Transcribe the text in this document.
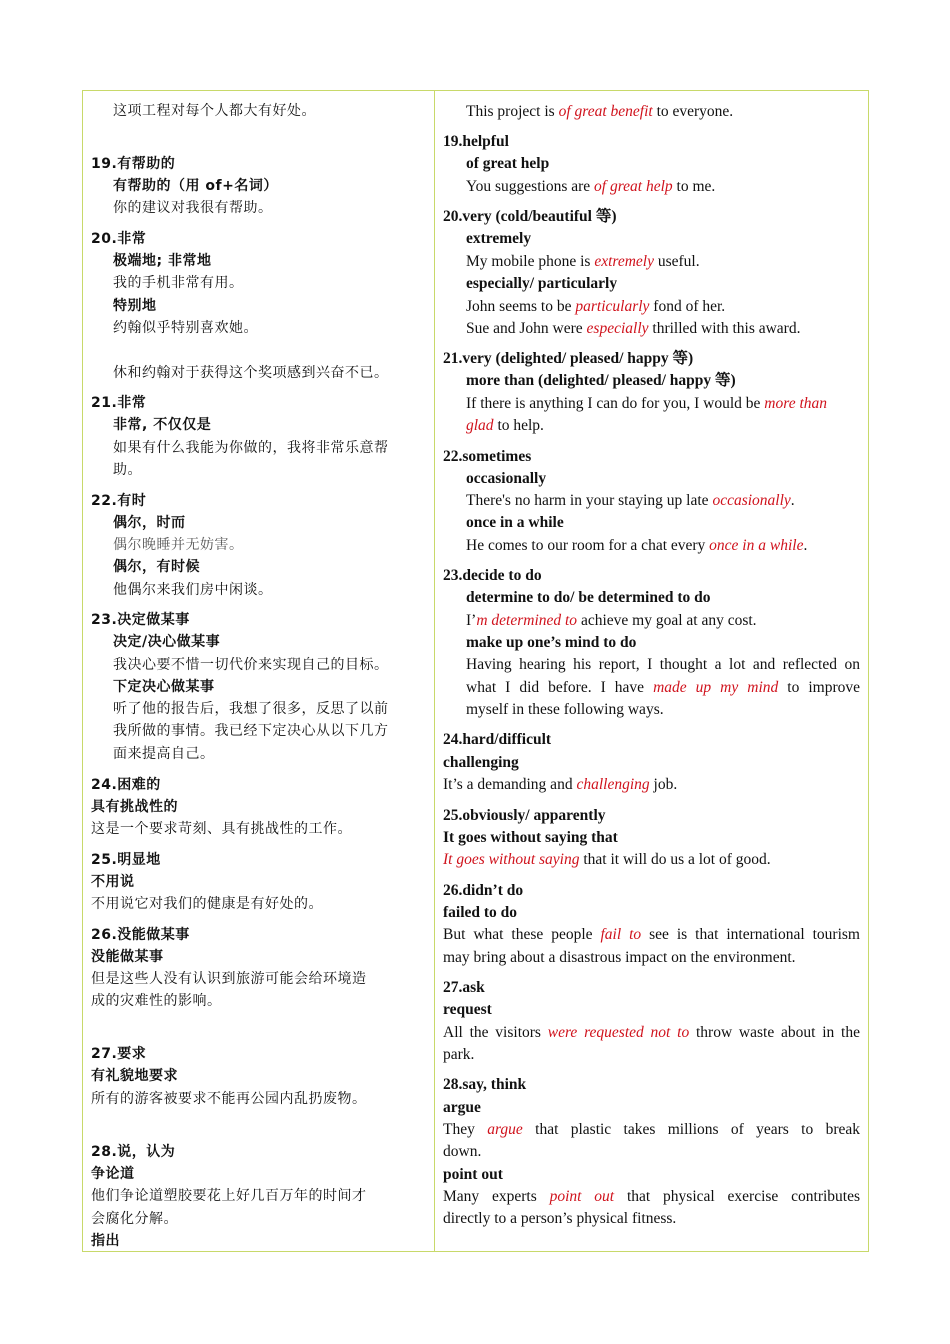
这项工程对每个人都大有好处。
19.有帮助的
有帮助的（用 of+名词）
你的建议对我很有帮助。
20.非常
极端地; 非常地
我的手机非常有用。
特别地
约翰似乎特别喜欢她。
休和约翰对于获得这个奖项感到兴奋不已。
21.非常
非常, 不仅仅是
如果有什么我能为你做的，我将非常乐意帮
助。
22.有时
偶尔，时而
偶尔晚睡并无妨害。
偶尔，有时候
他偶尔来我们房中闲谈。
23.决定做某事
决定/决心做某事
我决心要不惜一切代价来实现自己的目标。
下定决心做某事
听了他的报告后，我想了很多，反思了以前
我所做的事情。我已经下定决心从以下几方
面来提高自己。
24.困难的
具有挑战性的
这是一个要求苛刻、具有挑战性的工作。
25.明显地
不用说
不用说它对我们的健康是有好处的。
26.没能做某事
没能做某事
但是这些人没有认识到旅游可能会给环境造
成的灾难性的影响。
27.要求
有礼貌地要求
所有的游客被要求不能再公园内乱扔废物。
28.说，认为
争论道
他们争论道塑胶要花上好几百万年的时间才
会腐化分解。
指出
This project is of great benefit to everyone.
19.helpful
of great help
You suggestions are of great help to me.
20.very (cold/beautiful 等)
extremely
My mobile phone is extremely useful.
especially/ particularly
John seems to be particularly fond of her.
Sue and John were especially thrilled with this award.
21.very (delighted/ pleased/ happy 等)
more than (delighted/ pleased/ happy 等)
If there is anything I can do for you, I would be more than
glad to help.
22.sometimes
occasionally
There's no harm in your staying up late occasionally.
once in a while
He comes to our room for a chat every once in a while.
23.decide to do
determine to do/ be determined to do
I’m determined to achieve my goal at any cost.
make up one’s mind to do
Having hearing his report, I thought a lot and reflected on
what I did before. I have made up my mind to improve
myself in these following ways.
24.hard/difficult
challenging
It’s a demanding and challenging job.
25.obviously/ apparently
It goes without saying that
It goes without saying that it will do us a lot of good.
26.didn’t do
failed to do
But what these people fail to see is that international tourism
may bring about a disastrous impact on the environment.
27.ask
request
All the visitors were requested not to throw waste about in the
park.
28.say, think
argue
They argue that plastic takes millions of years to break
down.
point out
Many experts point out that physical exercise contributes
directly to a person’s physical fitness.
